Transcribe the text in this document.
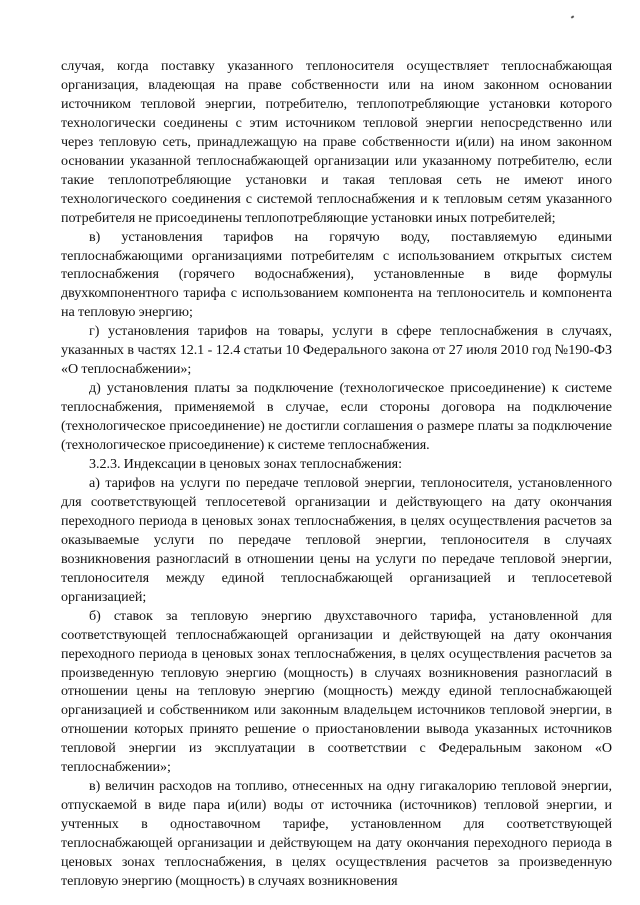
случая, когда поставку указанного теплоносителя осуществляет теплоснабжающая организация, владеющая на праве собственности или на ином законном основании источником тепловой энергии, потребителю, теплопотребляющие установки которого технологически соединены с этим источником тепловой энергии непосредственно или через тепловую сеть, принадлежащую на праве собственности и(или) на ином законном основании указанной теплоснабжающей организации или указанному потребителю, если такие теплопотребляющие установки и такая тепловая сеть не имеют иного технологического соединения с системой теплоснабжения и к тепловым сетям указанного потребителя не присоединены теплопотребляющие установки иных потребителей;

в) установления тарифов на горячую воду, поставляемую едиными теплоснабжающими организациями потребителям с использованием открытых систем теплоснабжения (горячего водоснабжения), установленные в виде формулы двухкомпонентного тарифа с использованием компонента на теплоноситель и компонента на тепловую энергию;

г) установления тарифов на товары, услуги в сфере теплоснабжения в случаях, указанных в частях 12.1 - 12.4 статьи 10 Федерального закона от 27 июля 2010 год №190-ФЗ «О теплоснабжении»;

д) установления платы за подключение (технологическое присоединение) к системе теплоснабжения, применяемой в случае, если стороны договора на подключение (технологическое присоединение) не достигли соглашения о размере платы за подключение (технологическое присоединение) к системе теплоснабжения.

3.2.3. Индексации в ценовых зонах теплоснабжения:

а) тарифов на услуги по передаче тепловой энергии, теплоносителя, установленного для соответствующей теплосетевой организации и действующего на дату окончания переходного периода в ценовых зонах теплоснабжения, в целях осуществления расчетов за оказываемые услуги по передаче тепловой энергии, теплоносителя в случаях возникновения разногласий в отношении цены на услуги по передаче тепловой энергии, теплоносителя между единой теплоснабжающей организацией и теплосетевой организацией;

б) ставок за тепловую энергию двухставочного тарифа, установленной для соответствующей теплоснабжающей организации и действующей на дату окончания переходного периода в ценовых зонах теплоснабжения, в целях осуществления расчетов за произведенную тепловую энергию (мощность) в случаях возникновения разногласий в отношении цены на тепловую энергию (мощность) между единой теплоснабжающей организацией и собственником или законным владельцем источников тепловой энергии, в отношении которых принято решение о приостановлении вывода указанных источников тепловой энергии из эксплуатации в соответствии с Федеральным законом «О теплоснабжении»;

в) величин расходов на топливо, отнесенных на одну гигакалорию тепловой энергии, отпускаемой в виде пара и(или) воды от источника (источников) тепловой энергии, и учтенных в одноставочном тарифе, установленном для соответствующей теплоснабжающей организации и действующем на дату окончания переходного периода в ценовых зонах теплоснабжения, в целях осуществления расчетов за произведенную тепловую энергию (мощность) в случаях возникновения
